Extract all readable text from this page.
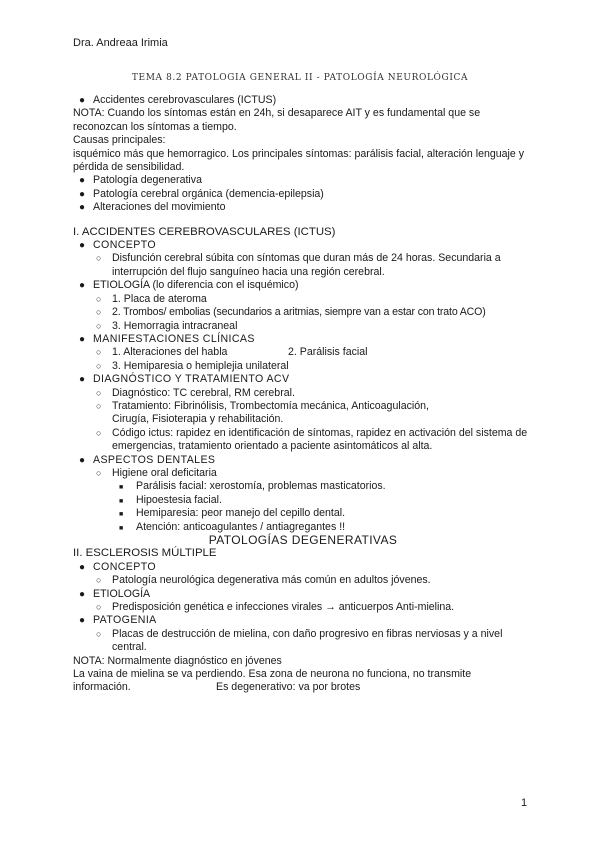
Dra. Andreaa Irimia
TEMA 8.2 PATOLOGIA GENERAL II - PATOLOGÍA NEUROLÓGICA
● Accidentes cerebrovasculares (ICTUS)
NOTA: Cuando los síntomas están en 24h, si desaparece AIT y es fundamental que se reconozcan los síntomas a tiempo.
Causas principales:
isquémico más que hemorragico. Los principales síntomas: parálisis facial, alteración lenguaje y pérdida de sensibilidad.
● Patología degenerativa
● Patología cerebral orgánica (demencia-epilepsia)
● Alteraciones del movimiento
I. ACCIDENTES CEREBROVASCULARES (ICTUS)
● CONCEPTO
○ Disfunción cerebral súbita con síntomas que duran más de 24 horas. Secundaria a interrupción del flujo sanguíneo hacia una región cerebral.
● ETIOLOGÍA (lo diferencia con el isquémico)
○ 1. Placa de ateroma
○ 2. Trombos/ embolias (secundarios a aritmias, siempre van a estar con trato ACO)
○ 3. Hemorragia intracraneal
● MANIFESTACIONES CLÍNICAS
○ 1. Alteraciones del habla	2. Parálisis facial
○ 3. Hemiparesia o hemiplejia unilateral
● DIAGNÓSTICO Y TRATAMIENTO ACV
○ Diagnóstico: TC cerebral, RM cerebral.
○ Tratamiento: Fibrinólisis, Trombectomía mecánica, Anticoagulación, Cirugía, Fisioterapia y rehabilitación.
○ Código ictus: rapidez en identificación de síntomas, rapidez en activación del sistema de emergencias, tratamiento orientado a paciente asintomáticos al alta.
● ASPECTOS DENTALES
○ Higiene oral deficitaria
■ Parálisis facial: xerostomía, problemas masticatorios.
■ Hipoestesia facial.
■ Hemiparesia: peor manejo del cepillo dental.
■ Atención: anticoagulantes / antiagregantes !!
PATOLOGÍAS DEGENERATIVAS
II. ESCLEROSIS MÚLTIPLE
● CONCEPTO
○ Patología neurológica degenerativa más común en adultos jóvenes.
● ETIOLOGÍA
○ Predisposición genética e infecciones virales → anticuerpos Anti-mielina.
● PATOGENIA
○ Placas de destrucción de mielina, con daño progresivo en fibras nerviosas y a nivel central.
NOTA: Normalmente diagnóstico en jóvenes
La vaina de mielina se va perdiendo. Esa zona de neurona no funciona, no transmite
información.	Es degenerativo: va por brotes
1
